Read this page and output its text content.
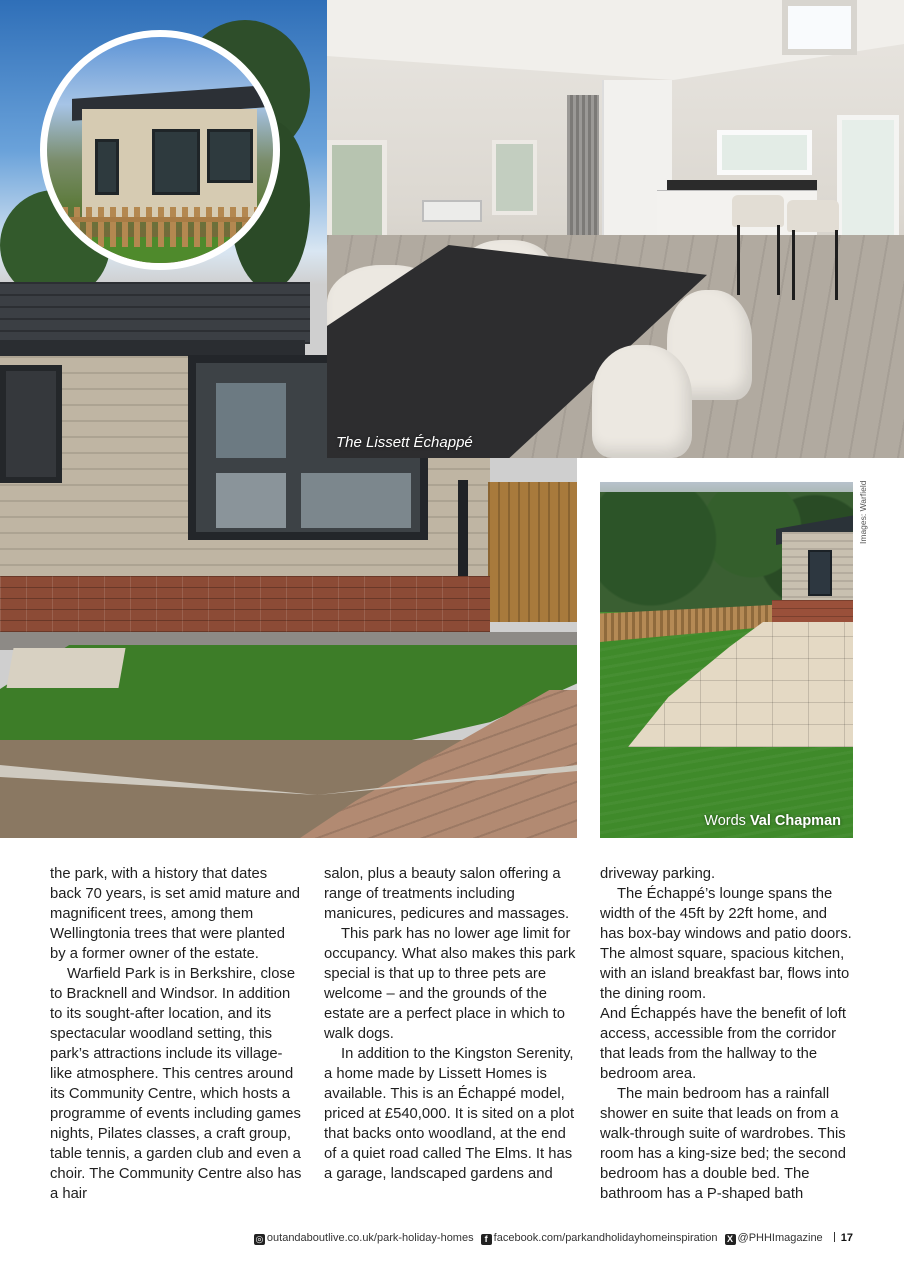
The Lissett Échappé
Words Val Chapman
Images: Warfield

the park, with a history that dates back 70 years, is set amid mature and magnificent trees, among them Wellingtonia trees that were planted by a former owner of the estate.

Warfield Park is in Berkshire, close to Bracknell and Windsor. In addition to its sought-after location, and its spectacular woodland setting, this park’s attractions include its village-like atmosphere. This centres around its Community Centre, which hosts a programme of events including games nights, Pilates classes, a craft group, table tennis, a garden club and even a choir. The Community Centre also has a hair

salon, plus a beauty salon offering a range of treatments including manicures, pedicures and massages.

This park has no lower age limit for occupancy. What also makes this park special is that up to three pets are welcome – and the grounds of the estate are a perfect place in which to walk dogs.

In addition to the Kingston Serenity, a home made by Lissett Homes is available. This is an Échappé model, priced at £540,000. It is sited on a plot that backs onto woodland, at the end of a quiet road called The Elms. It has a garage, landscaped gardens and

driveway parking.

The Échappé’s lounge spans the width of the 45ft by 22ft home, and has box-bay windows and patio doors. The almost square, spacious kitchen, with an island breakfast bar, flows into the dining room.

And Échappés have the benefit of loft access, accessible from the corridor that leads from the hallway to the bedroom area.

The main bedroom has a rainfall shower en suite that leads on from a walk-through suite of wardrobes. This room has a king-size bed; the second bedroom has a double bed. The bathroom has a P-shaped bath

◎ outandaboutlive.co.uk/park-holiday-homes f facebook.com/parkandholidayhomeinspiration X @PHHImagazine 17
